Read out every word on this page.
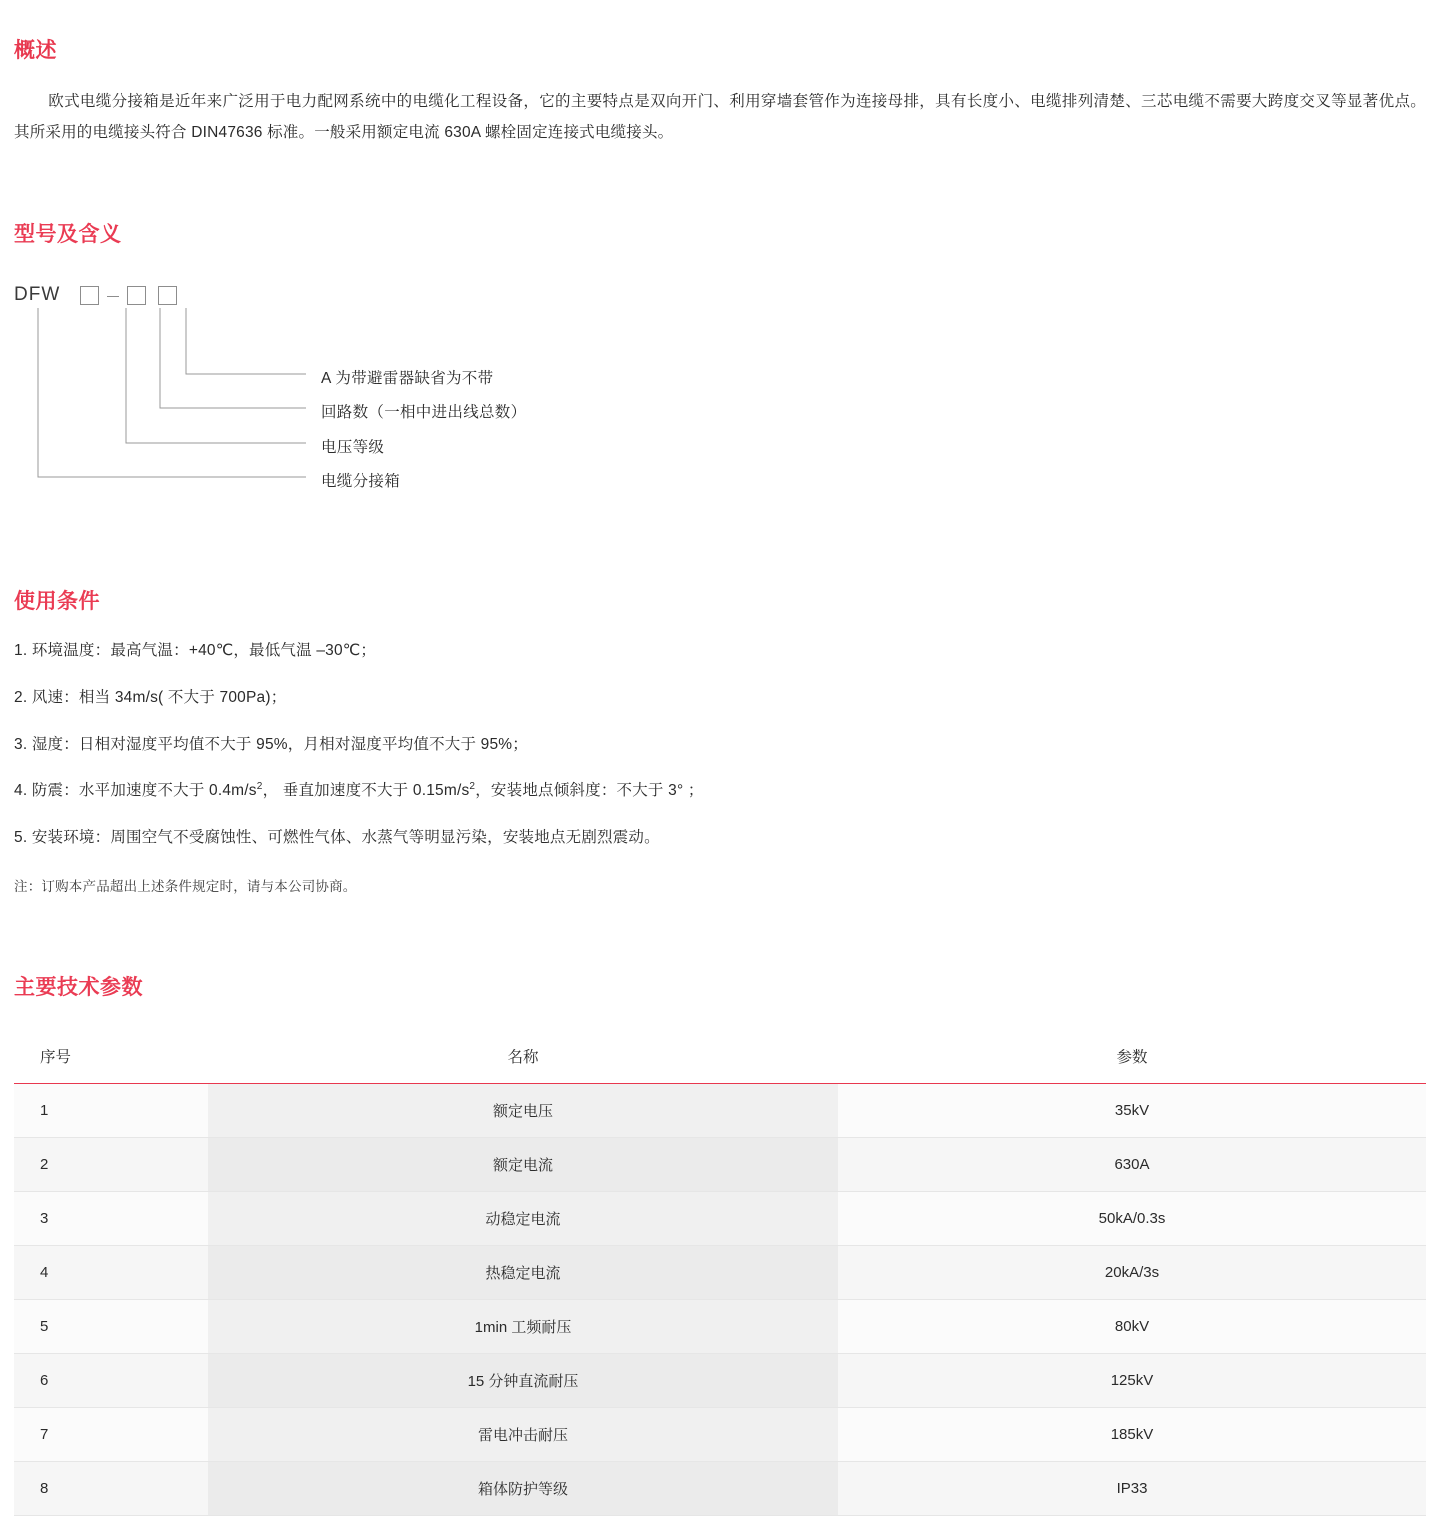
概述

欧式电缆分接箱是近年来广泛用于电力配网系统中的电缆化工程设备，它的主要特点是双向开门、利用穿墙套管作为连接母排，具有长度小、电缆排列清楚、三芯电缆不需要大跨度交叉等显著优点。其所采用的电缆接头符合 DIN47636 标准。一般采用额定电流 630A 螺栓固定连接式电缆接头。

型号及含义
DFW
A 为带避雷器缺省为不带
回路数（一相中进出线总数）
电压等级
电缆分接箱
使用条件
1. 环境温度：最高气温：+40℃，最低气温 –30℃；
2. 风速：相当 34m/s( 不大于 700Pa)；
3. 湿度：日相对湿度平均值不大于 95%，月相对湿度平均值不大于 95%；
4. 防震：水平加速度不大于 $0.4m/s^2$， 垂直加速度不大于 $0.15m/s^2$，安装地点倾斜度：不大于 3° ；
5. 安装环境：周围空气不受腐蚀性、可燃性气体、水蒸气等明显污染，安装地点无剧烈震动。
注：订购本产品超出上述条件规定时，请与本公司协商。
主要技术参数
序号	名称	参数
1	额定电压	35kV
2	额定电流	630A
3	动稳定电流	50kA/0.3s
4	热稳定电流	20kA/3s
5	1min 工频耐压	80kV
6	15 分钟直流耐压	125kV
7	雷电冲击耐压	185kV
8	箱体防护等级	IP33
